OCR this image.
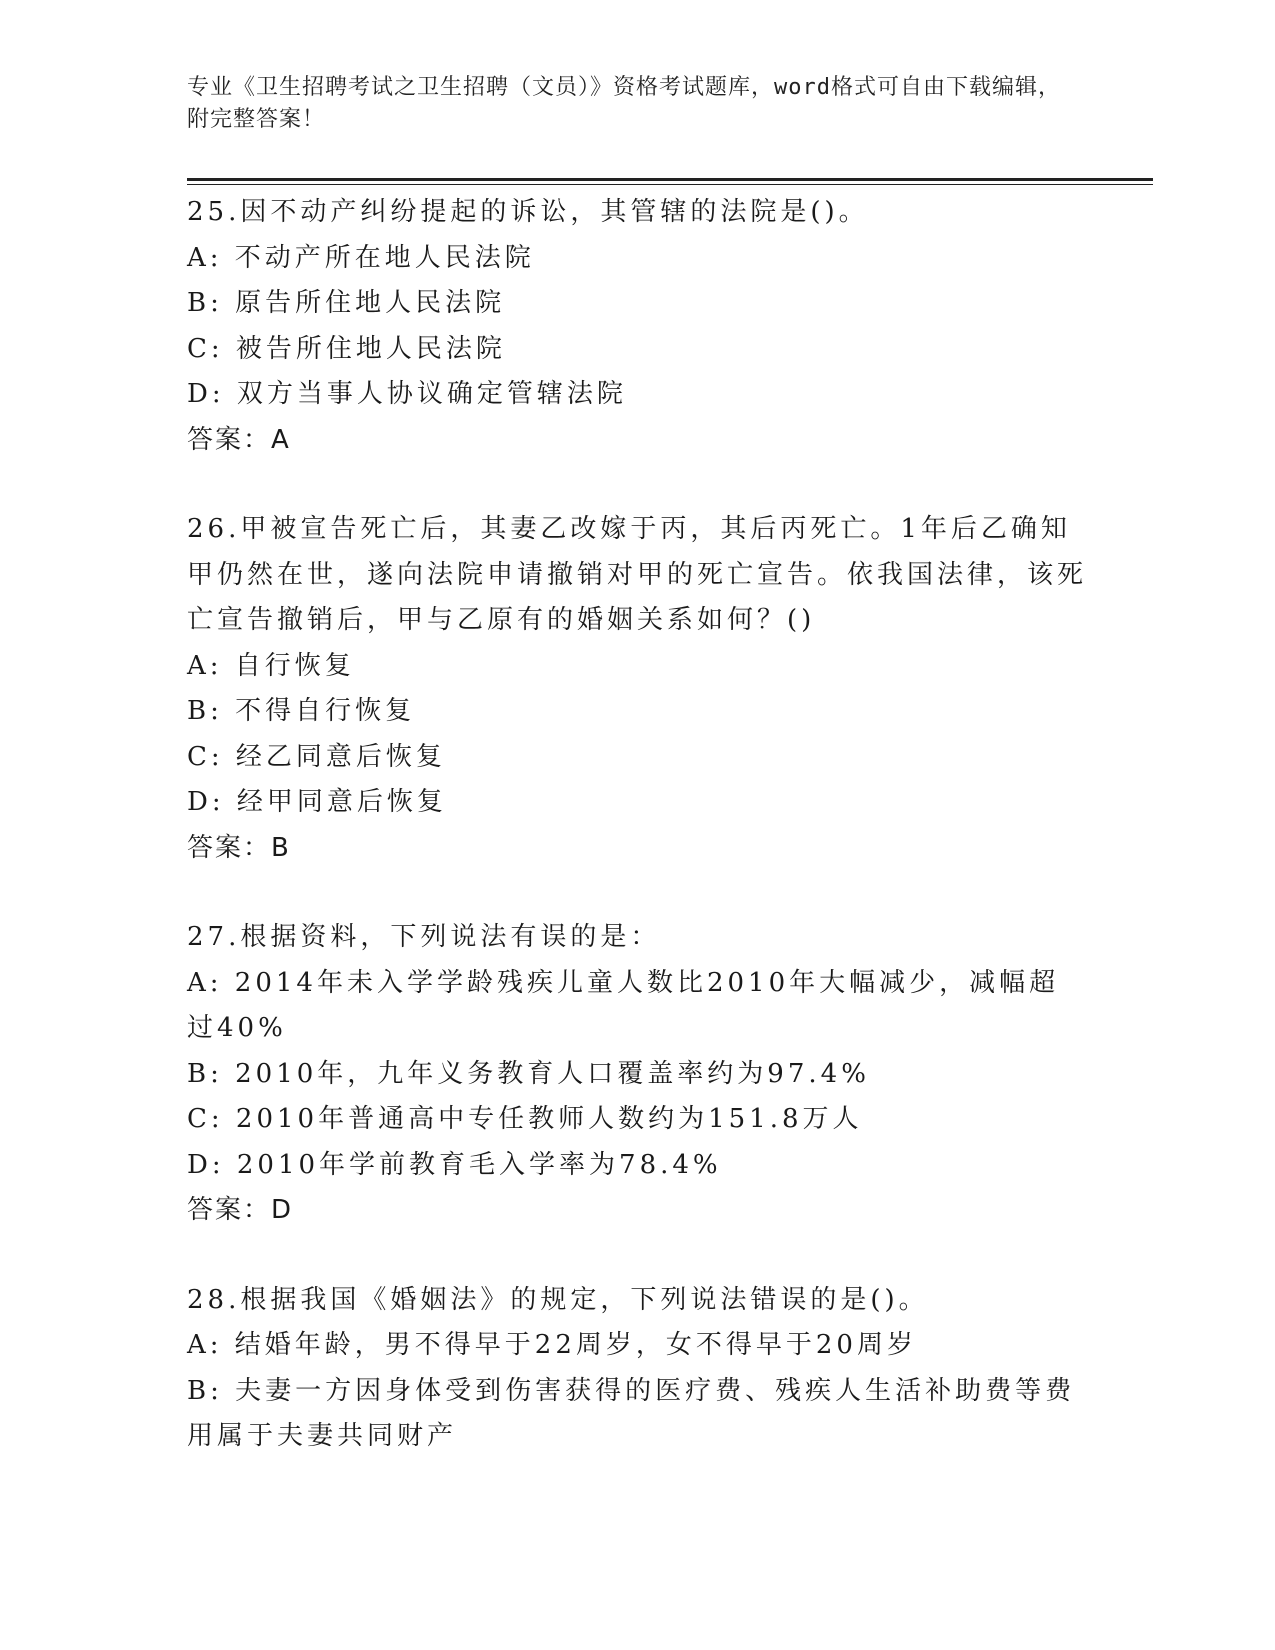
专业《卫生招聘考试之卫生招聘（文员）》资格考试题库，word格式可自由下载编辑，附完整答案！
25.因不动产纠纷提起的诉讼，其管辖的法院是()。
A: 不动产所在地人民法院
B: 原告所住地人民法院
C: 被告所住地人民法院
D: 双方当事人协议确定管辖法院
答案：A
26.甲被宣告死亡后，其妻乙改嫁于丙，其后丙死亡。1年后乙确知甲仍然在世，遂向法院申请撤销对甲的死亡宣告。依我国法律，该死亡宣告撤销后，甲与乙原有的婚姻关系如何？()
A: 自行恢复
B: 不得自行恢复
C: 经乙同意后恢复
D: 经甲同意后恢复
答案：B
27.根据资料，下列说法有误的是：
A: 2014年未入学学龄残疾儿童人数比2010年大幅减少，减幅超过40%
B: 2010年，九年义务教育人口覆盖率约为97.4%
C: 2010年普通高中专任教师人数约为151.8万人
D: 2010年学前教育毛入学率为78.4%
答案：D
28.根据我国《婚姻法》的规定，下列说法错误的是()。
A: 结婚年龄，男不得早于22周岁，女不得早于20周岁
B: 夫妻一方因身体受到伤害获得的医疗费、残疾人生活补助费等费用属于夫妻共同财产
